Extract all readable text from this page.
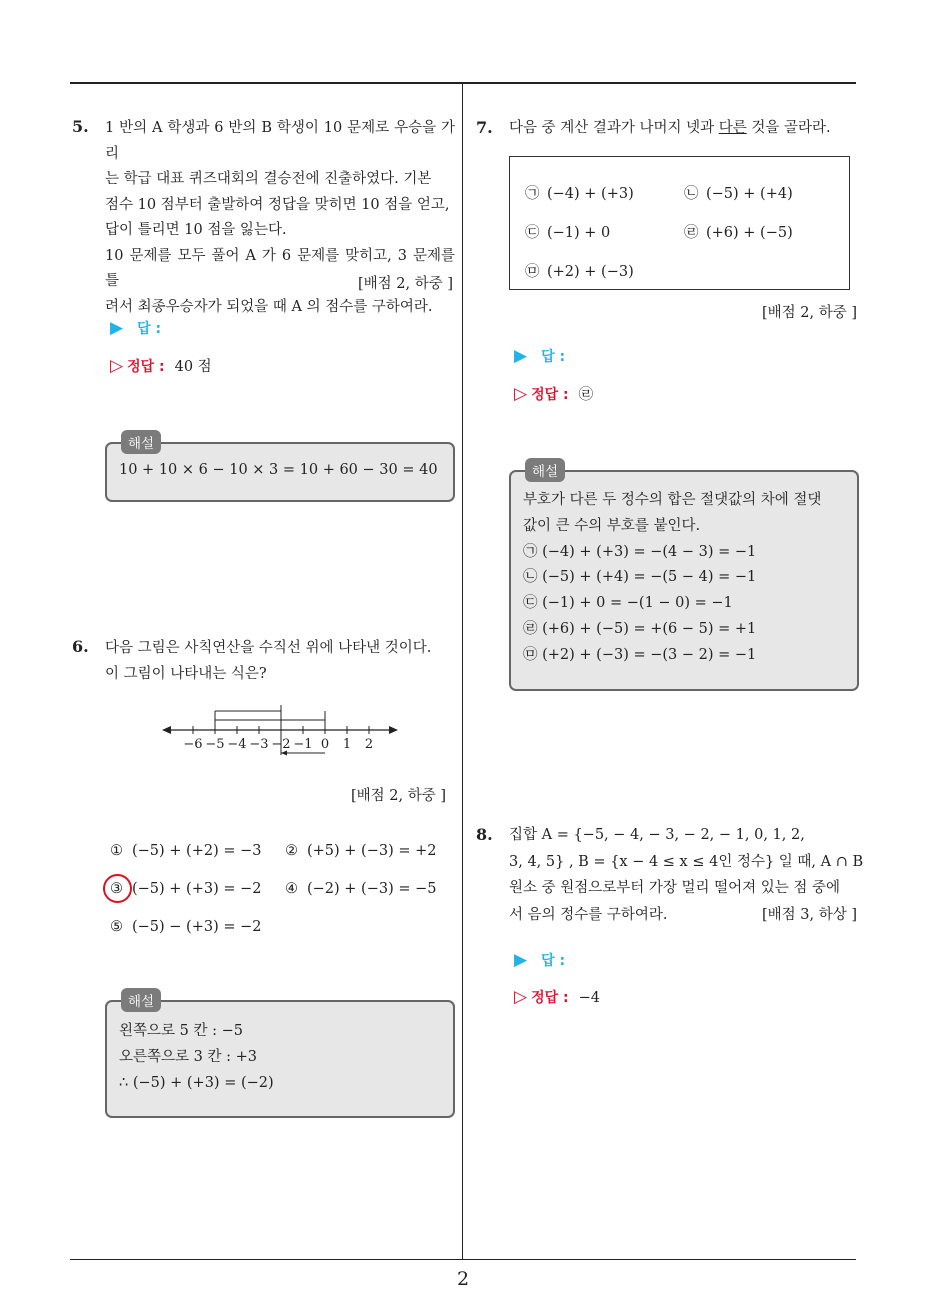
5. 1 반의 A 학생과 6 반의 B 학생이 10 문제로 우승을 가리
는 학급 대표 퀴즈대회의 결승전에 진출하였다. 기본
점수 10 점부터 출발하여 정답을 맞히면 10 점을 얻고,
답이 틀리면 10 점을 잃는다.
10 문제를 모두 풀어 A 가 6 문제를 맞히고, 3 문제를 틀
려서 최종우승자가 되었을 때 A 의 점수를 구하여라.
[배점 2, 하중 ]
▶ 답 :
▷ 정답 : 40 점
해설
10 + 10 × 6 − 10 × 3 = 10 + 60 − 30 = 40
6. 다음 그림은 사칙연산을 수직선 위에 나타낸 것이다.
이 그림이 나타내는 식은?
−6 −5 −4 −3 −2 −1 0 1 2
[배점 2, 하중 ]
① (−5) + (+2) = −3 ② (+5) + (−3) = +2
③ (−5) + (+3) = −2 ④ (−2) + (−3) = −5
⑤ (−5) − (+3) = −2
해설
왼쪽으로 5 칸 : −5
오른쪽으로 3 칸 : +3
∴ (−5) + (+3) = (−2)
7. 다음 중 계산 결과가 나머지 넷과 다른 것을 골라라.
㉠ (−4) + (+3)	㉡ (−5) + (+4)
㉢ (−1) + 0	㉣ (+6) + (−5)
㉤ (+2) + (−3)
[배점 2, 하중 ]
▶ 답 :
▷ 정답 : ㉣
해설
부호가 다른 두 정수의 합은 절댓값의 차에 절댓
값이 큰 수의 부호를 붙인다.
㉠ (−4) + (+3) = −(4 − 3) = −1
㉡ (−5) + (+4) = −(5 − 4) = −1
㉢ (−1) + 0 = −(1 − 0) = −1
㉣ (+6) + (−5) = +(6 − 5) = +1
㉤ (+2) + (−3) = −(3 − 2) = −1
8. 집합 A = {−5, − 4, − 3, − 2, − 1, 0, 1, 2,
3, 4, 5} , B = {x − 4 ≤ x ≤ 4인 정수} 일 때, A ∩ B
원소 중 원점으로부터 가장 멀리 떨어져 있는 점 중에
서 음의 정수를 구하여라.	[배점 3, 하상 ]
▶ 답 :
▷ 정답 : −4
2
